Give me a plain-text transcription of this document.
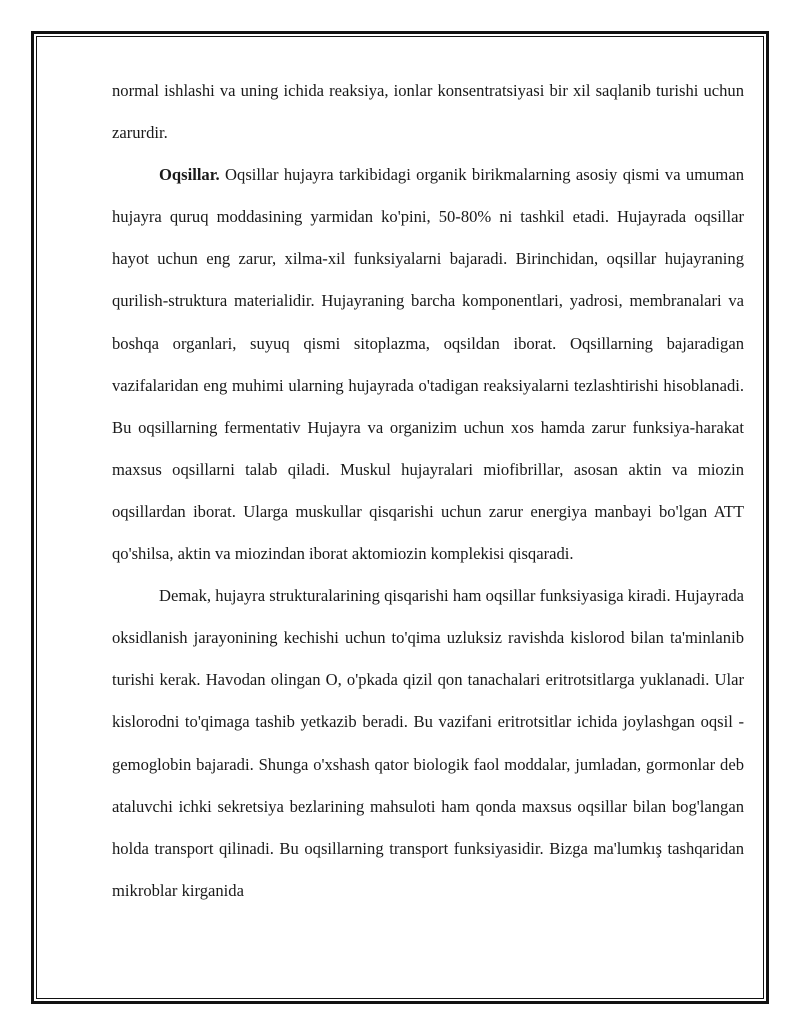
normal ishlashi va uning ichida reaksiya, ionlar konsentratsiyasi bir xil saqlanib turishi uchun zarurdir.

Oqsillar. Oqsillar hujayra tarkibidagi organik birikmalarning asosiy qismi va umuman hujayra quruq moddasining yarmidan ko'pini, 50-80% ni tashkil etadi. Hujayrada oqsillar hayot uchun eng zarur, xilma-xil funksiyalarni bajaradi. Birinchidan, oqsillar hujayraning qurilish-struktura materialidir. Hujayraning barcha komponentlari, yadrosi, membranalari va boshqa organlari, suyuq qismi sitoplazma, oqsildan iborat. Oqsillarning bajaradigan vazifalaridan eng muhimi ularning hujayrada o'tadigan reaksiyalarni tezlashtirishi hisoblanadi. Bu oqsillarning fermentativ Hujayra va organizim uchun xos hamda zarur funksiya-harakat maxsus oqsillarni talab qiladi. Muskul hujayralari miofibrillar, asosan aktin va miozin oqsillardan iborat. Ularga muskullar qisqarishi uchun zarur energiya manbayi bo'lgan ATT qo'shilsa, aktin va miozindan iborat aktomiozin komplekisi qisqaradi.

Demak, hujayra strukturalarining qisqarishi ham oqsillar funksiyasiga kiradi. Hujayrada oksidlanish jarayonining kechishi uchun to'qima uzluksiz ravishda kislorod bilan ta'minlanib turishi kerak. Havodan olingan O, o'pkada qizil qon tanachalari eritrotsitlarga yuklanadi. Ular kislorodni to'qimaga tashib yetkazib beradi. Bu vazifani eritrotsitlar ichida joylashgan oqsil - gemoglobin bajaradi. Shunga o'xshash qator biologik faol moddalar, jumladan, gormonlar deb ataluvchi ichki sekretsiya bezlarining mahsuloti ham qonda maxsus oqsillar bilan bog'langan holda transport qilinadi. Bu oqsillarning transport funksiyasidir. Bizga ma'lumkış tashqaridan mikroblar kirganida
